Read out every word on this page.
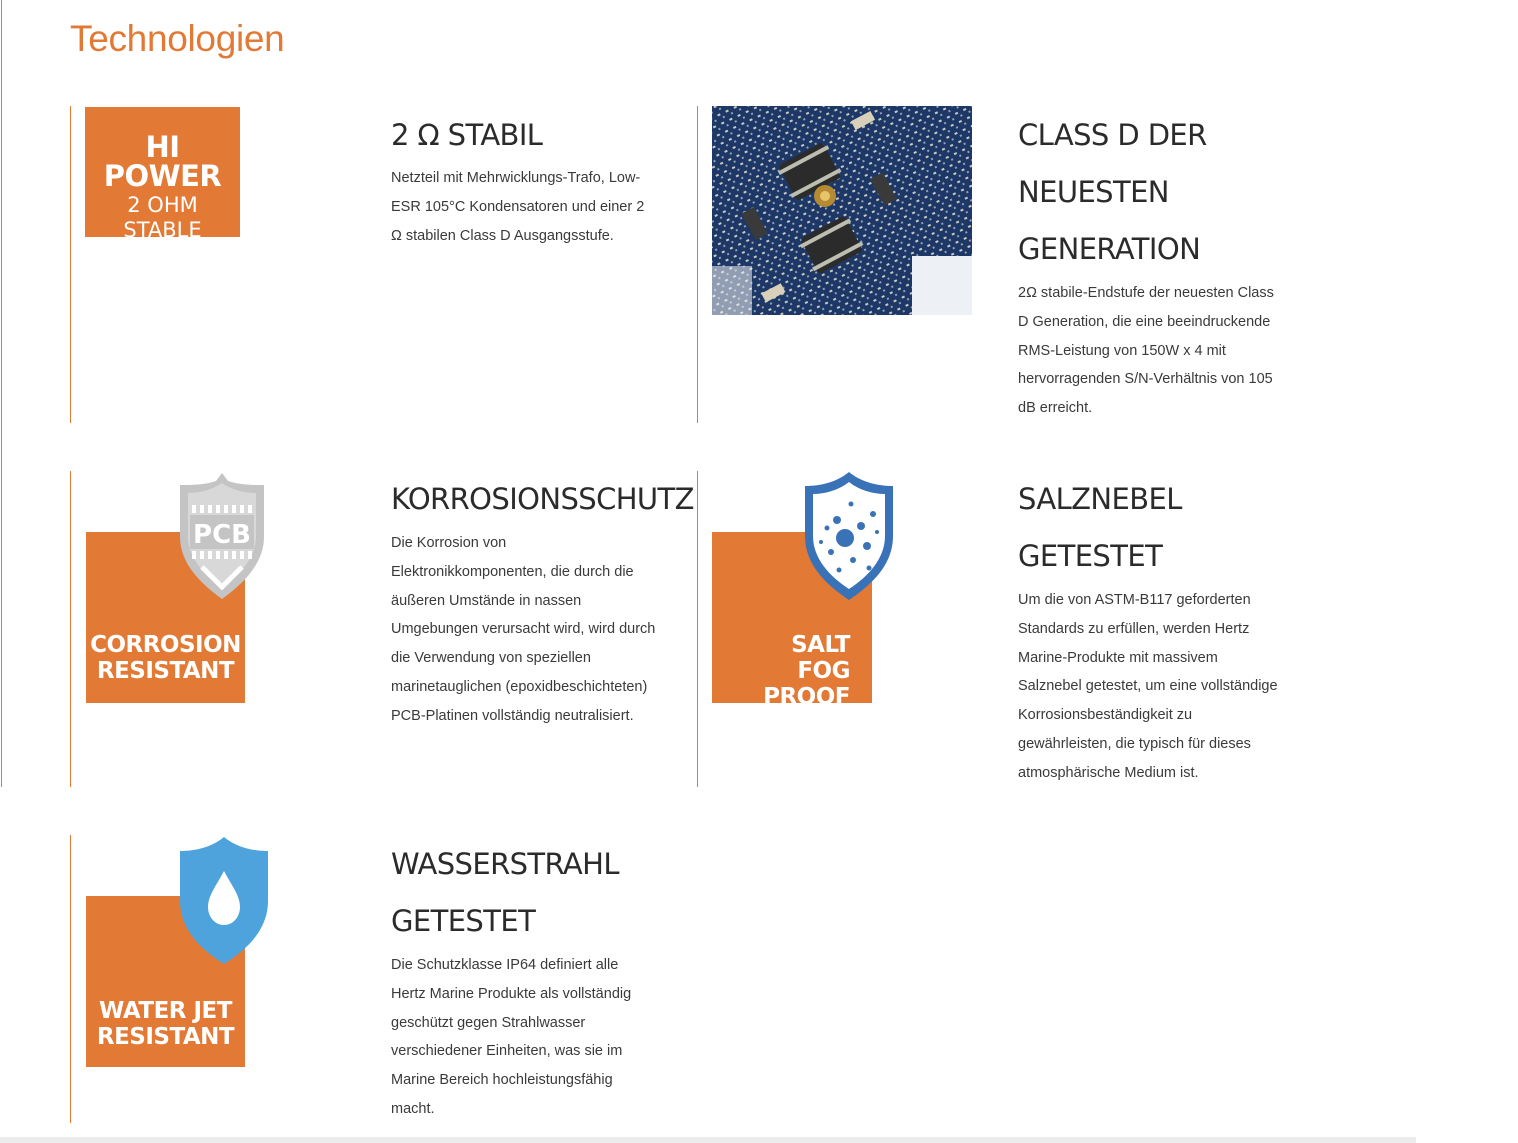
Technologien
HI POWER
2 OHM
STABLE
2 Ω STABIL

Netzteil mit Mehrwicklungs-Trafo, Low-ESR 105°C Kondensatoren und einer 2 Ω stabilen Class D Ausgangsstufe.

CLASS D DER NEUESTEN GENERATION

2Ω stabile-Endstufe der neuesten Class D Generation, die eine beeindruckende RMS-Leistung von 150W x 4 mit hervorragenden S/N-Verhältnis von 105 dB erreicht.

CORROSION
RESISTANT
PCB
KORROSIONSSCHUTZ

Die Korrosion von Elektronikkomponenten, die durch die äußeren Umstände in nassen Umgebungen verursacht wird, wird durch die Verwendung von speziellen marinetauglichen (epoxidbeschichteten) PCB-Platinen vollständig neutralisiert.

SALT FOG
PROOF
SALZNEBEL GETESTET

Um die von ASTM-B117 geforderten Standards zu erfüllen, werden Hertz Marine-Produkte mit massivem Salznebel getestet, um eine vollständige Korrosionsbeständigkeit zu gewährleisten, die typisch für dieses atmosphärische Medium ist.

WATER JET
RESISTANT
WASSERSTRAHL GETESTET

Die Schutzklasse IP64 definiert alle Hertz Marine Produkte als vollständig geschützt gegen Strahlwasser verschiedener Einheiten, was sie im Marine Bereich hochleistungsfähig macht.
